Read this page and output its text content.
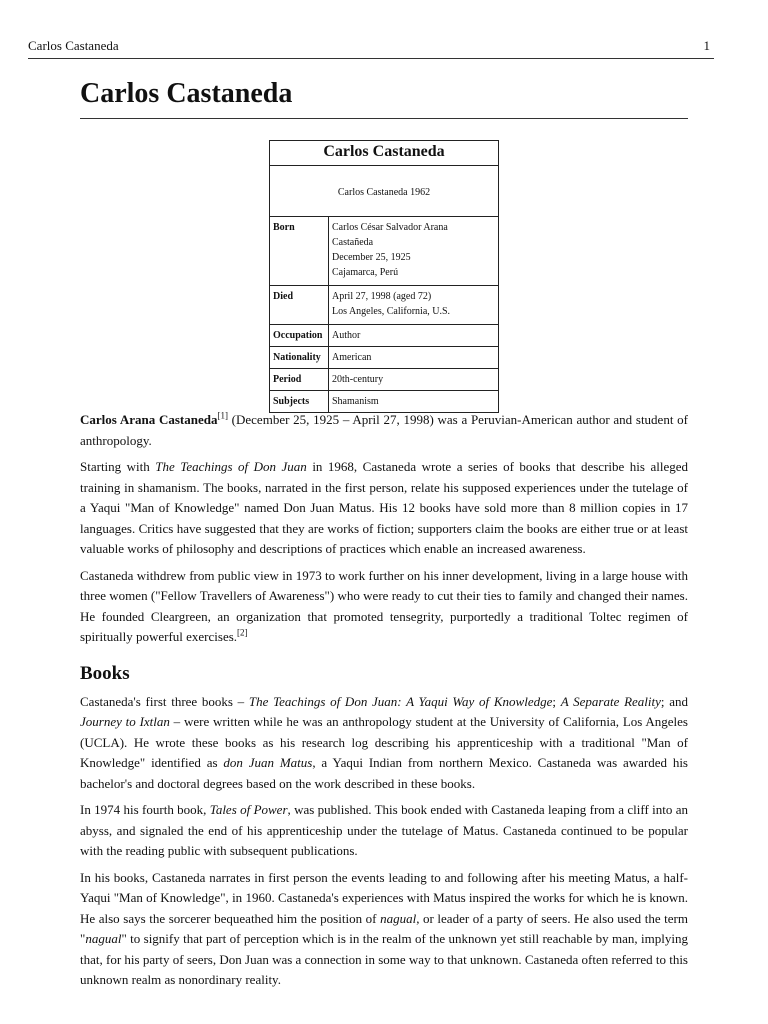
Carlos Castaneda	1
Carlos Castaneda
Carlos Castaneda	
Carlos Castaneda 1962	
Born	Carlos César Salvador Arana
Castañeda
December 25, 1925
Cajamarca, Perú

Died	April 27, 1998 (aged 72)
Los Angeles, California, U.S.

Occupation	Author
Nationality	American
Period	20th-century
Subjects	Shamanism

Carlos Arana Castaneda[1] (December 25, 1925 – April 27, 1998) was a Peruvian-American author and student of anthropology.

Starting with The Teachings of Don Juan in 1968, Castaneda wrote a series of books that describe his alleged training in shamanism. The books, narrated in the first person, relate his supposed experiences under the tutelage of a Yaqui "Man of Knowledge" named Don Juan Matus. His 12 books have sold more than 8 million copies in 17 languages. Critics have suggested that they are works of fiction; supporters claim the books are either true or at least valuable works of philosophy and descriptions of practices which enable an increased awareness.

Castaneda withdrew from public view in 1973 to work further on his inner development, living in a large house with three women ("Fellow Travellers of Awareness") who were ready to cut their ties to family and changed their names. He founded Cleargreen, an organization that promoted tensegrity, purportedly a traditional Toltec regimen of spiritually powerful exercises.[2]

Books

Castaneda's first three books – The Teachings of Don Juan: A Yaqui Way of Knowledge; A Separate Reality; and Journey to Ixtlan – were written while he was an anthropology student at the University of California, Los Angeles (UCLA). He wrote these books as his research log describing his apprenticeship with a traditional "Man of Knowledge" identified as don Juan Matus, a Yaqui Indian from northern Mexico. Castaneda was awarded his bachelor's and doctoral degrees based on the work described in these books.

In 1974 his fourth book, Tales of Power, was published. This book ended with Castaneda leaping from a cliff into an abyss, and signaled the end of his apprenticeship under the tutelage of Matus. Castaneda continued to be popular with the reading public with subsequent publications.

In his books, Castaneda narrates in first person the events leading to and following after his meeting Matus, a half-Yaqui "Man of Knowledge", in 1960. Castaneda's experiences with Matus inspired the works for which he is known. He also says the sorcerer bequeathed him the position of nagual, or leader of a party of seers. He also used the term "nagual" to signify that part of perception which is in the realm of the unknown yet still reachable by man, implying that, for his party of seers, Don Juan was a connection in some way to that unknown. Castaneda often referred to this unknown realm as nonordinary reality.
